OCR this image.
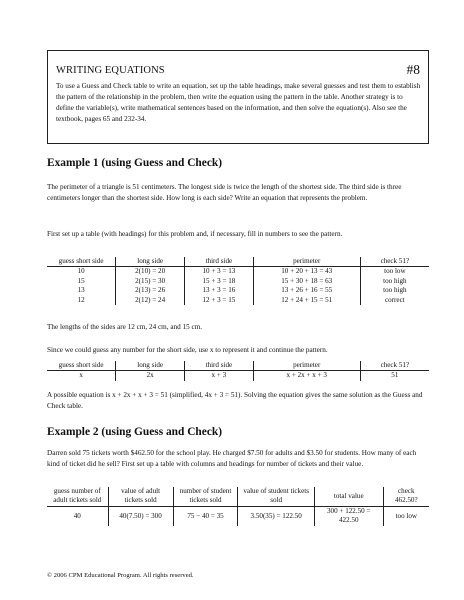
WRITING EQUATIONS	#8
To use a Guess and Check table to write an equation, set up the table headings, make several guesses and test them to establish the pattern of the relationship in the problem, then write the equation using the pattern in the table. Another strategy is to define the variable(s), write mathematical sentences based on the information, and then solve the equation(s). Also see the textbook, pages 65 and 232-34.
Example 1 (using Guess and Check)
The perimeter of a triangle is 51 centimeters. The longest side is twice the length of the shortest side. The third side is three centimeters longer than the shortest side. How long is each side? Write an equation that represents the problem.
First set up a table (with headings) for this problem and, if necessary, fill in numbers to see the pattern.
guess short side	long side	third side	perimeter	check 51?
10	2(10) = 20	10 + 3 = 13	10 + 20 + 13 = 43	too low
15	2(15) = 30	15 + 3 = 18	15 + 30 + 18 = 63	too high
13	2(13) = 26	13 + 3 = 16	13 + 26 + 16 = 55	too high
12	2(12) = 24	12 + 3 = 15	12 + 24 + 15 = 51	correct
The lengths of the sides are 12 cm, 24 cm, and 15 cm.
Since we could guess any number for the short side, use x to represent it and continue the pattern.
guess short side	long side	third side	perimeter	check 51?
x	2x	x + 3	x + 2x + x + 3	51
A possible equation is x + 2x + x + 3 = 51 (simplified, 4x + 3 = 51). Solving the equation gives the same solution as the Guess and Check table.
Example 2 (using Guess and Check)
Darren sold 75 tickets worth $462.50 for the school play. He charged $7.50 for adults and $3.50 for students. How many of each kind of ticket did he sell? First set up a table with columns and headings for number of tickets and their value.
guess number of adult tickets sold	value of adult tickets sold	number of student tickets sold	value of student tickets sold	total value	check 462.50?
40	40(7.50) = 300	75 − 40 = 35	3.50(35) = 122.50	300 + 122.50 = 422.50	too low
© 2006 CPM Educational Program. All rights reserved.
